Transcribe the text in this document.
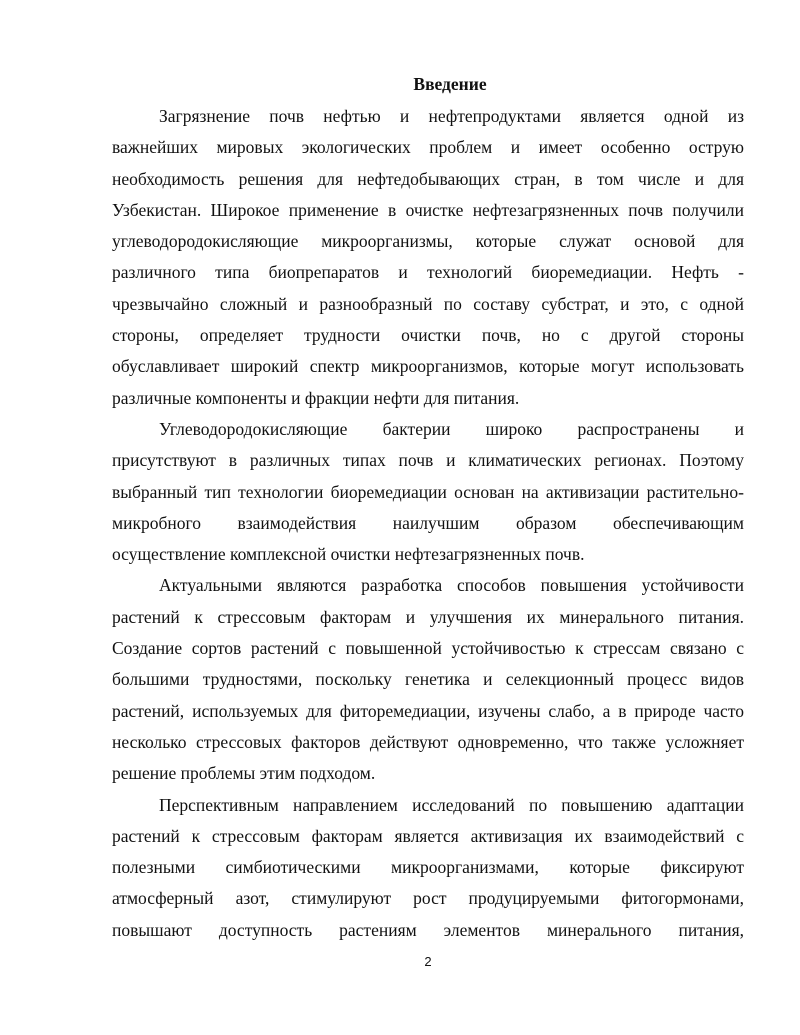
Введение
Загрязнение почв нефтью и нефтепродуктами является одной из
важнейших мировых экологических проблем и имеет особенно острую
необходимость решения для нефтедобывающих стран, в том числе и для
Узбекистан. Широкое применение в очистке нефтезагрязненных почв получили
углеводородокисляющие микроорганизмы, которые служат основой для
различного типа биопрепаратов и технологий биоремедиации. Нефть -
чрезвычайно сложный и разнообразный по составу субстрат, и это, с одной
стороны, определяет трудности очистки почв, но с другой стороны
обуславливает широкий спектр микроорганизмов, которые могут использовать
различные компоненты и фракции нефти для питания.
Углеводородокисляющие бактерии широко распространены и
присутствуют в различных типах почв и климатических регионах. Поэтому
выбранный тип технологии биоремедиации основан на активизации растительно-
микробного взаимодействия наилучшим образом обеспечивающим
осуществление комплексной очистки нефтезагрязненных почв.
Актуальными являются разработка способов повышения устойчивости
растений к стрессовым факторам и улучшения их минерального питания.
Создание сортов растений с повышенной устойчивостью к стрессам связано с
большими трудностями, поскольку генетика и селекционный процесс видов
растений, используемых для фиторемедиации, изучены слабо, а в природе часто
несколько стрессовых факторов действуют одновременно, что также усложняет
решение проблемы этим подходом.
Перспективным направлением исследований по повышению адаптации
растений к стрессовым факторам является активизация их взаимодействий с
полезными симбиотическими микроорганизмами, которые фиксируют
атмосферный азот, стимулируют рост продуцируемыми фитогормонами,
повышают доступность растениям элементов минерального питания,
2
